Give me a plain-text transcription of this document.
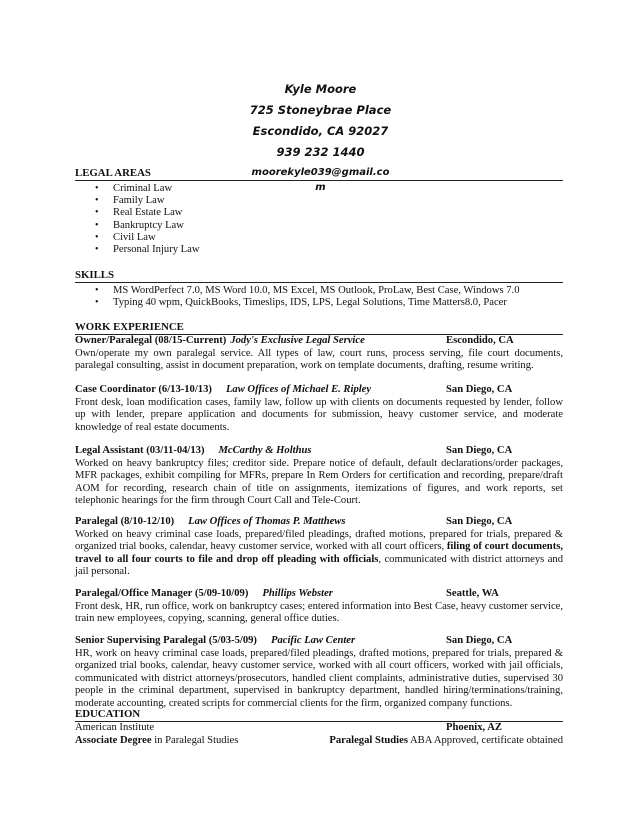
Kyle Moore
725 Stoneybrae Place
Escondido, CA 92027
939 232 1440
moorekyle039@gmail.com
LEGAL AREAS
• Criminal Law
• Family Law
• Real Estate Law
• Bankruptcy Law
• Civil Law
• Personal Injury Law
SKILLS
• MS WordPerfect 7.0, MS Word 10.0, MS Excel, MS Outlook, ProLaw, Best Case, Windows 7.0
• Typing 40 wpm, QuickBooks, Timeslips, IDS, LPS, Legal Solutions, Time Matters8.0, Pacer
WORK EXPERIENCE
Owner/Paralegal (08/15-Current) Jody's Exclusive Legal Service	Escondido, CA
Own/operate my own paralegal service. All types of law, court runs, process serving, file court documents, paralegal consulting, assist in document preparation, work on template documents, drafting, resume writing.
Case Coordinator (6/13-10/13) Law Offices of Michael E. Ripley	San Diego, CA
Front desk, loan modification cases, family law, follow up with clients on documents requested by lender, follow up with lender, prepare application and documents for submission, heavy customer service, and moderate knowledge of real estate documents.
Legal Assistant (03/11-04/13) McCarthy & Holthus	San Diego, CA
Worked on heavy bankruptcy files; creditor side. Prepare notice of default, default declarations/order packages, MFR packages, exhibit compiling for MFRs, prepare In Rem Orders for certification and recording, prepare/draft AOM for recording, research chain of title on assignments, itemizations of figures, and work reports, set telephonic hearings for the firm through Court Call and Tele-Court.
Paralegal (8/10-12/10) Law Offices of Thomas P. Matthews	San Diego, CA
Worked on heavy criminal case loads, prepared/filed pleadings, drafted motions, prepared for trials, prepared & organized trial books, calendar, heavy customer service, worked with all court officers, filing of court documents, travel to all four courts to file and drop off pleading with officials, communicated with district attorneys and jail personal.
Paralegal/Office Manager (5/09-10/09) Phillips Webster	Seattle, WA
Front desk, HR, run office, work on bankruptcy cases; entered information into Best Case, heavy customer service, train new employees, copying, scanning, general office duties.
Senior Supervising Paralegal (5/03-5/09) Pacific Law Center	San Diego, CA
HR, work on heavy criminal case loads, prepared/filed pleadings, drafted motions, prepared for trials, prepared & organized trial books, calendar, heavy customer service, worked with all court officers, worked with jail officials, communicated with district attorneys/prosecutors, handled client complaints, administrative duties, supervised 30 people in the criminal department, supervised in bankruptcy department, handled hiring/terminations/training, moderate accounting, created scripts for commercial clients for the firm, organized company functions.
EDUCATION
American Institute	Phoenix, AZ
Associate Degree in Paralegal Studies	Paralegal Studies ABA Approved, certificate obtained
